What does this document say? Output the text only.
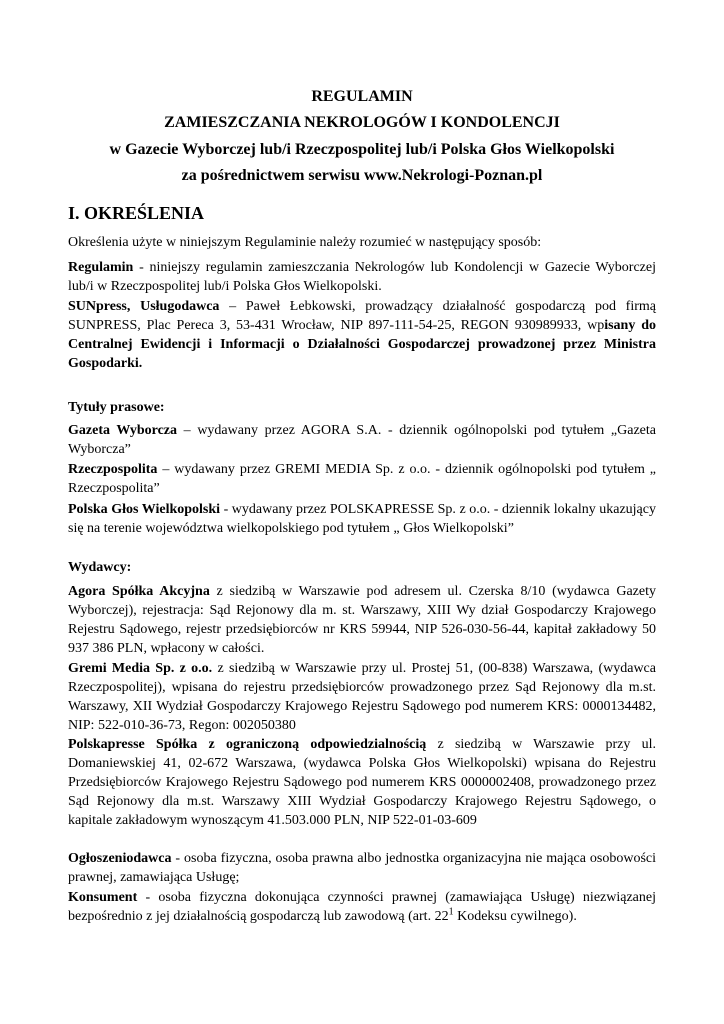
REGULAMIN

ZAMIESZCZANIA NEKROLOGÓW I KONDOLENCJI

w Gazecie Wyborczej lub/i Rzeczpospolitej lub/i Polska Głos Wielkopolski

za pośrednictwem serwisu www.Nekrologi-Poznan.pl

I. OKREŚLENIA

Określenia użyte w niniejszym Regulaminie należy rozumieć w następujący sposób:

Regulamin - niniejszy regulamin zamieszczania Nekrologów lub Kondolencji w Gazecie Wyborczej lub/i w Rzeczpospolitej lub/i Polska Głos Wielkopolski.

SUNpress, Usługodawca – Paweł Łebkowski, prowadzący działalność gospodarczą pod firmą SUNPRESS, Plac Pereca 3, 53-431 Wrocław, NIP 897-111-54-25, REGON 930989933, wpisany do Centralnej Ewidencji i Informacji o Działalności Gospodarczej prowadzonej przez Ministra Gospodarki.

Tytuły prasowe:

Gazeta Wyborcza – wydawany przez AGORA S.A. - dziennik ogólnopolski pod tytułem „Gazeta Wyborcza”

Rzeczpospolita – wydawany przez GREMI MEDIA Sp. z o.o. - dziennik ogólnopolski pod tytułem „ Rzeczpospolita”

Polska Głos Wielkopolski - wydawany przez POLSKAPRESSE Sp. z o.o. - dziennik lokalny ukazujący się na terenie województwa wielkopolskiego pod tytułem „ Głos Wielkopolski”

Wydawcy:

Agora Spółka Akcyjna z siedzibą w Warszawie pod adresem ul. Czerska 8/10 (wydawca Gazety Wyborczej), rejestracja: Sąd Rejonowy dla m. st. Warszawy, XIII Wy dział Gospodarczy Krajowego Rejestru Sądowego, rejestr przedsiębiorców nr KRS 59944, NIP 526-030-56-44, kapitał zakładowy 50 937 386 PLN, wpłacony w całości.

Gremi Media Sp. z o.o. z siedzibą w Warszawie przy ul. Prostej 51, (00-838) Warszawa, (wydawca Rzeczpospolitej), wpisana do rejestru przedsiębiorców prowadzonego przez Sąd Rejonowy dla m.st. Warszawy, XII Wydział Gospodarczy Krajowego Rejestru Sądowego pod numerem KRS: 0000134482, NIP: 522-010-36-73, Regon: 002050380

Polskapresse Spółka z ograniczoną odpowiedzialnością z siedzibą w Warszawie przy ul. Domaniewskiej 41, 02-672 Warszawa, (wydawca Polska Głos Wielkopolski) wpisana do Rejestru Przedsiębiorców Krajowego Rejestru Sądowego pod numerem KRS 0000002408, prowadzonego przez Sąd Rejonowy dla m.st. Warszawy XIII Wydział Gospodarczy Krajowego Rejestru Sądowego, o kapitale zakładowym wynoszącym 41.503.000 PLN, NIP 522-01-03-609

Ogłoszeniodawca - osoba fizyczna, osoba prawna albo jednostka organizacyjna nie mająca osobowości prawnej, zamawiająca Usługę;

Konsument - osoba fizyczna dokonująca czynności prawnej (zamawiająca Usługę) niezwiązanej bezpośrednio z jej działalnością gospodarczą lub zawodową (art. $22^1$ Kodeksu cywilnego).
